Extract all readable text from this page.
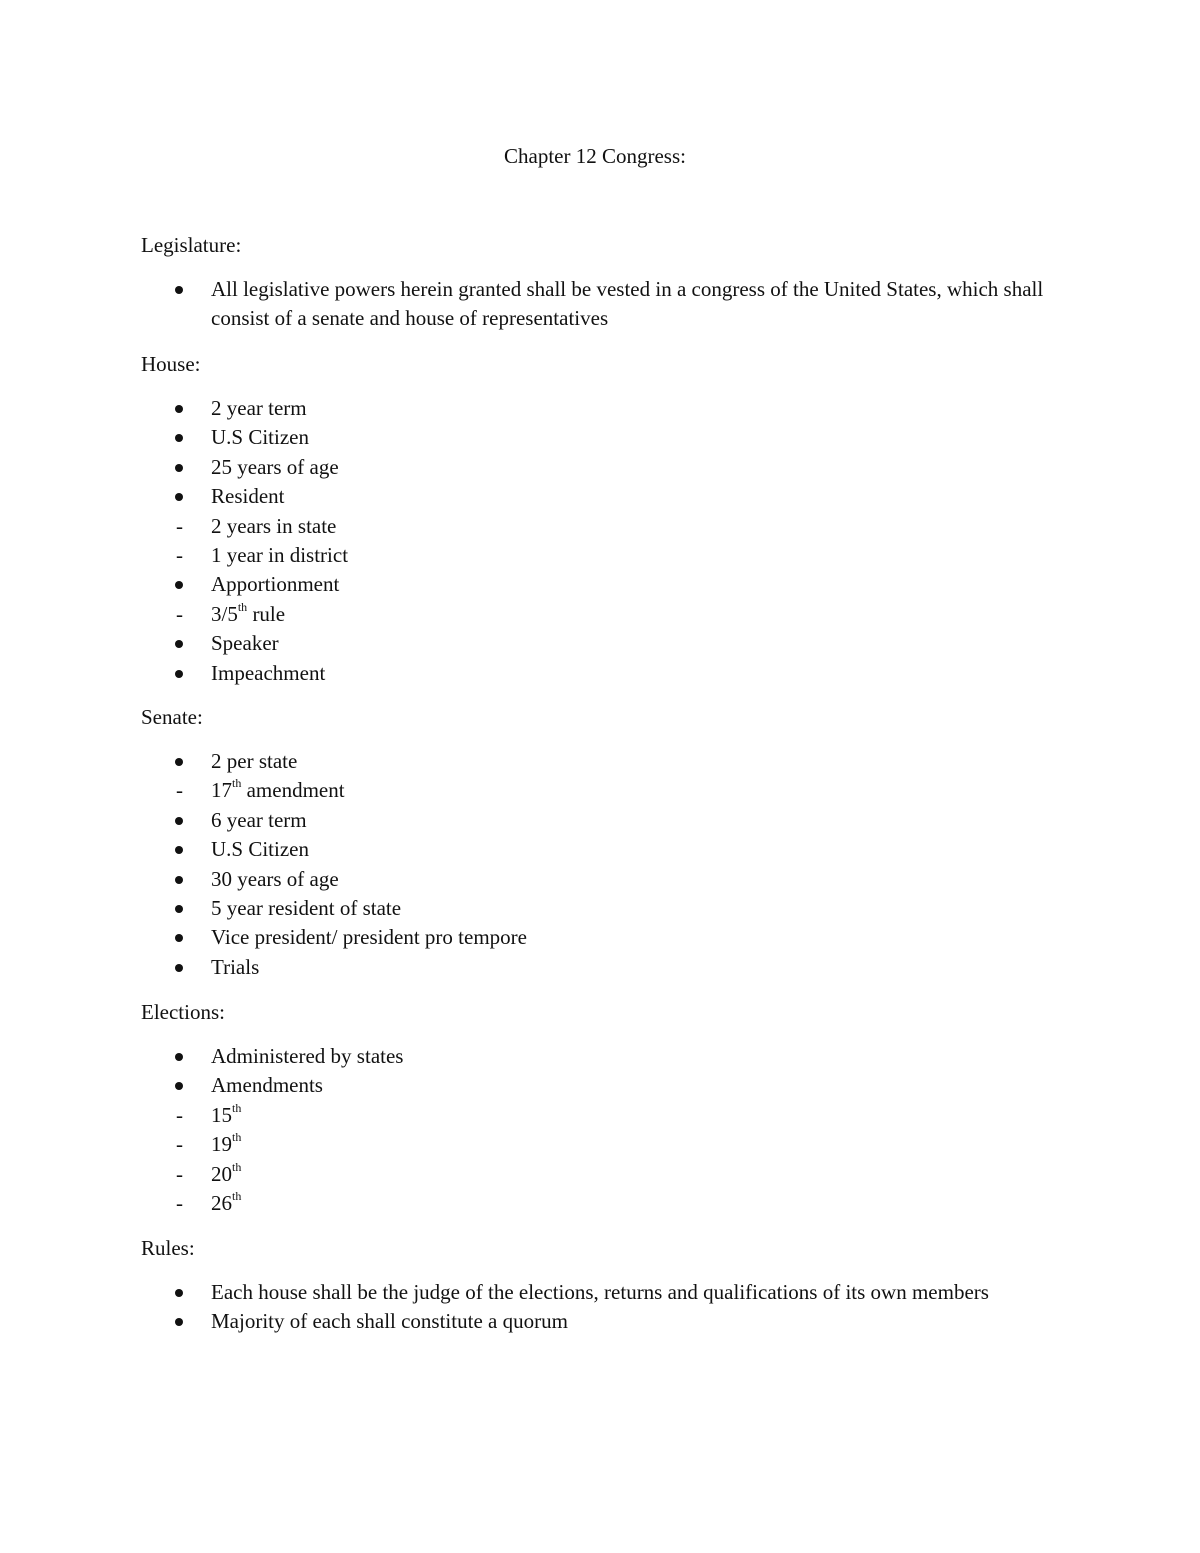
Chapter 12 Congress:

Legislature:

All legislative powers herein granted shall be vested in a congress of the United States, which shall consist of a senate and house of representatives

House:

2 year term
U.S Citizen
25 years of age
Resident
2 years in state
1 year in district
Apportionment
3/5th rule
Speaker
Impeachment

Senate:

2 per state
17th amendment
6 year term
U.S Citizen
30 years of age
5 year resident of state
Vice president/ president pro tempore
Trials

Elections:

Administered by states
Amendments
15th
19th
20th
26th

Rules:

Each house shall be the judge of the elections, returns and qualifications of its own members
Majority of each shall constitute a quorum
